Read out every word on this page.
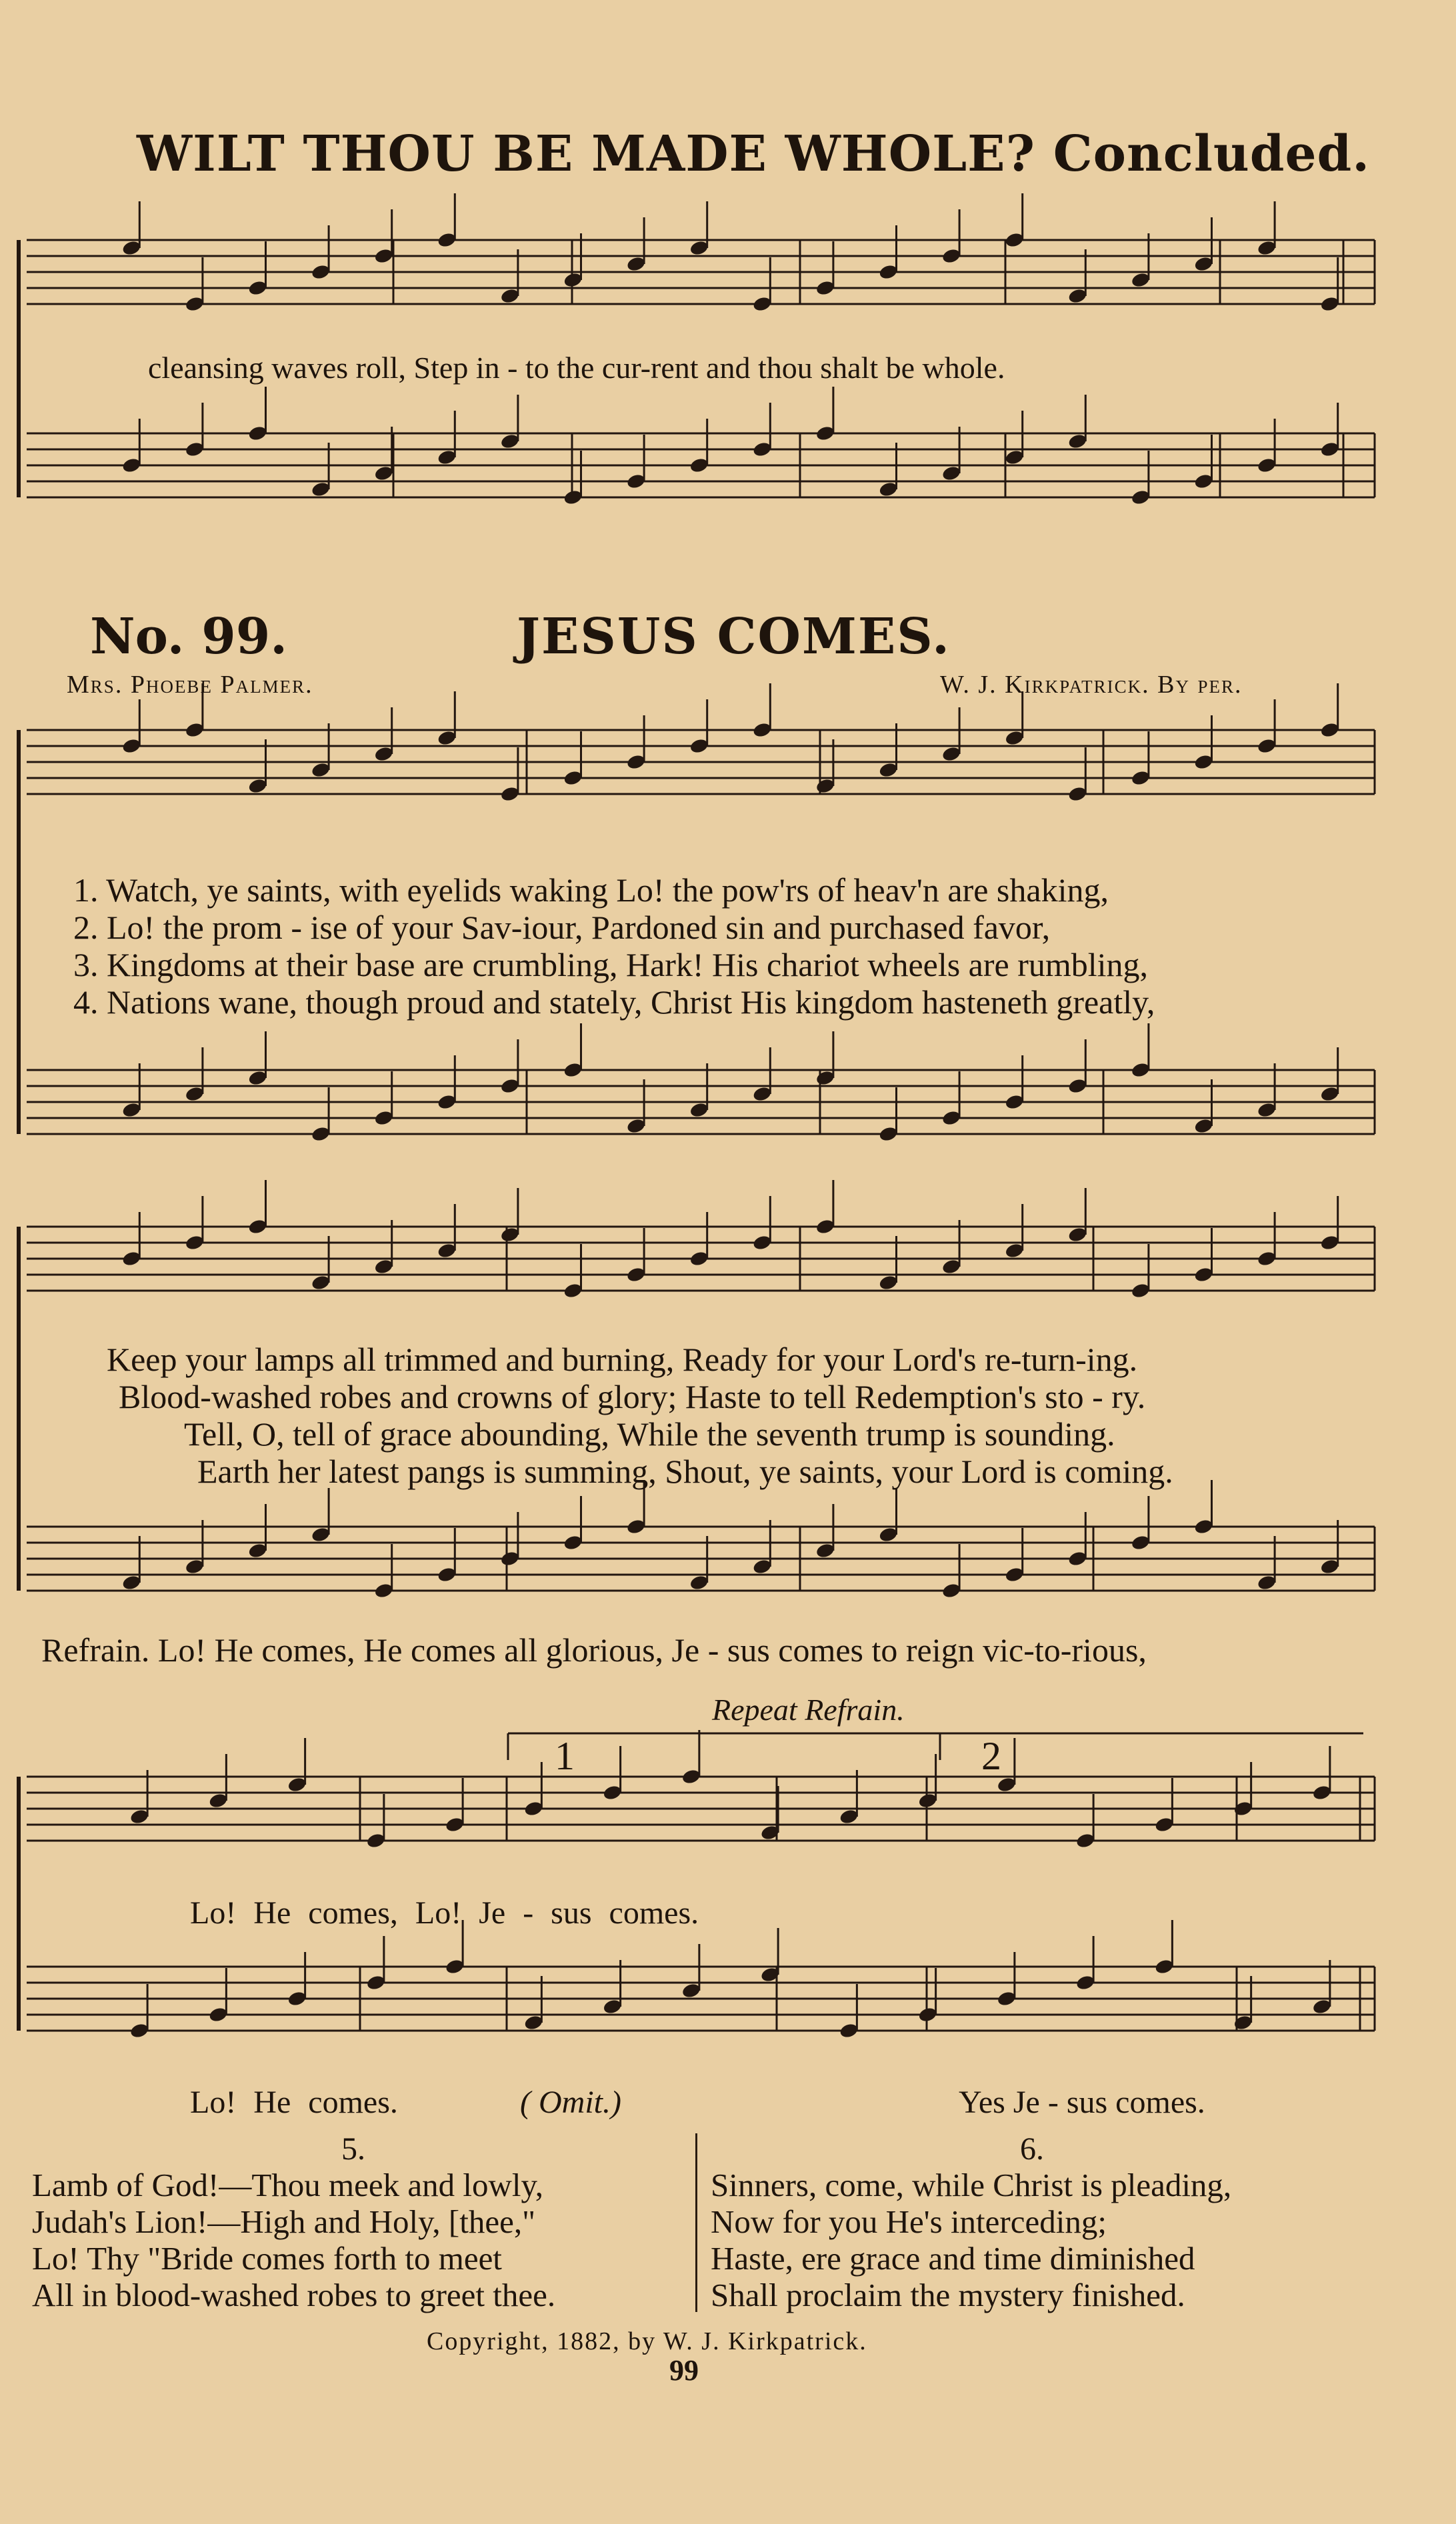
WILT THOU BE MADE WHOLE? Concluded.
cleansing waves roll, Step in - to the cur-rent and thou shalt be whole.
No. 99.	JESUS COMES.
Mrs. Phoebe Palmer.	W. J. Kirkpatrick. By per.
1. Watch, ye saints, with eyelids waking Lo! the pow'rs of heav'n are shaking,
2. Lo! the prom - ise of your Sav-iour, Pardoned sin and purchased favor,
3. Kingdoms at their base are crumbling, Hark! His chariot wheels are rumbling,
4. Nations wane, though proud and stately, Christ His kingdom hasteneth greatly,
Keep your lamps all trimmed and burning, Ready for your Lord's re-turn-ing.
Blood-washed robes and crowns of glory; Haste to tell Redemption's sto - ry.
Tell, O, tell of grace abounding, While the seventh trump is sounding.
Earth her latest pangs is summing, Shout, ye saints, your Lord is coming.
Refrain. Lo! He comes, He comes all glorious, Je - sus comes to reign vic-to-rious,
Repeat Refrain.
1	2
Lo! He comes, Lo! Je - sus comes.
Lo! He comes.	( Omit.)	Yes Je - sus comes.
5.
Lamb of God!—Thou meek and lowly,
Judah's Lion!—High and Holy, [thee,"
Lo! Thy "Bride comes forth to meet
All in blood-washed robes to greet thee.
6.
Sinners, come, while Christ is pleading,
Now for you He's interceding;
Haste, ere grace and time diminished
Shall proclaim the mystery finished.
Copyright, 1882, by W. J. Kirkpatrick.
99
